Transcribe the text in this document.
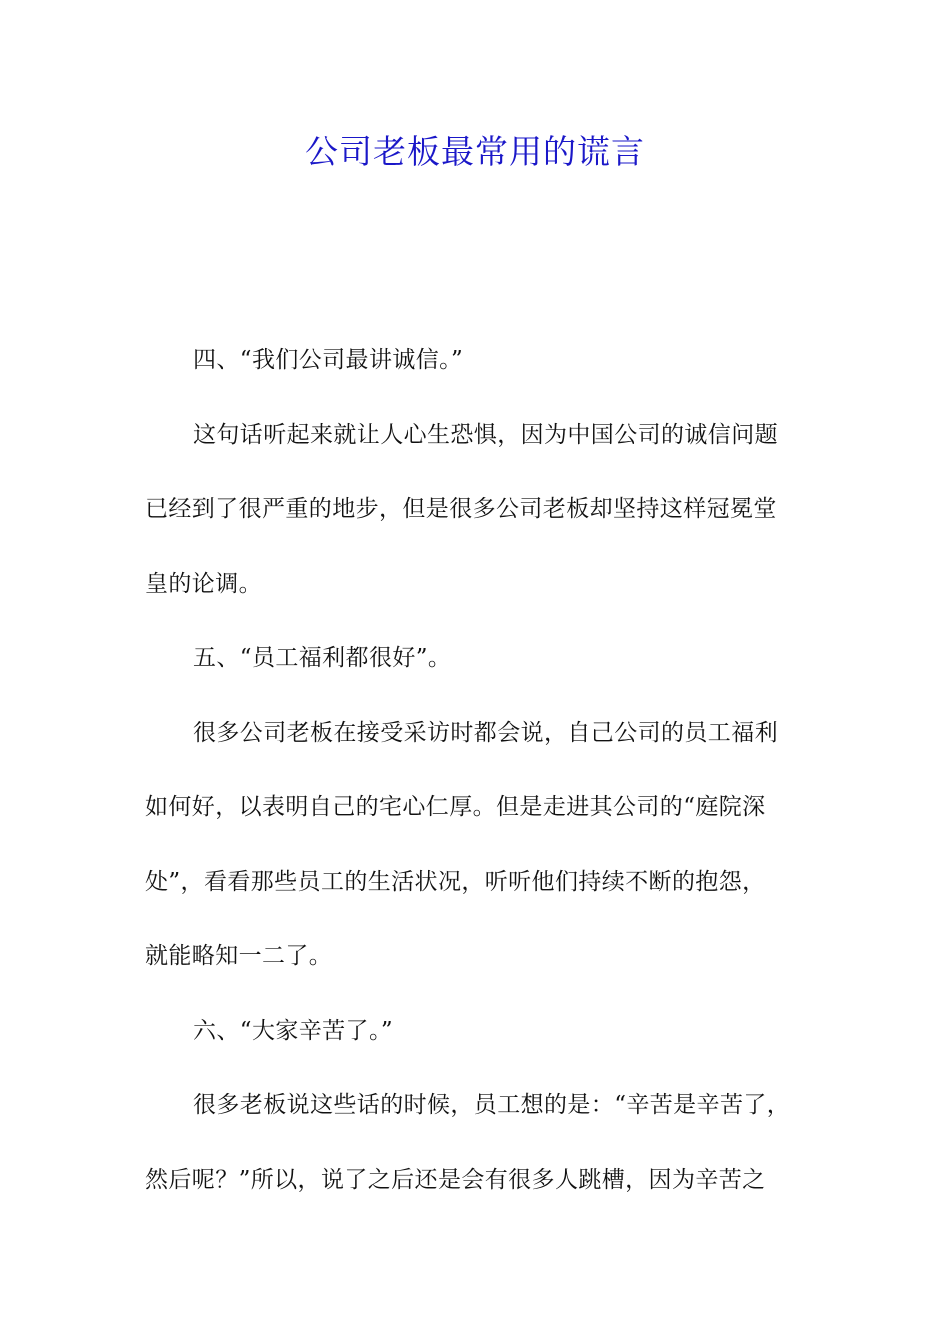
公司老板最常用的谎言
四、“我们公司最讲诚信。”
这句话听起来就让人心生恐惧，因为中国公司的诚信问题
已经到了很严重的地步，但是很多公司老板却坚持这样冠冕堂
皇的论调。
五、“员工福利都很好”。
很多公司老板在接受采访时都会说，自己公司的员工福利
如何好，以表明自己的宅心仁厚。但是走进其公司的“庭院深
处”，看看那些员工的生活状况，听听他们持续不断的抱怨，
就能略知一二了。
六、“大家辛苦了。”
很多老板说这些话的时候，员工想的是：“辛苦是辛苦了，
然后呢？”所以，说了之后还是会有很多人跳槽，因为辛苦之
